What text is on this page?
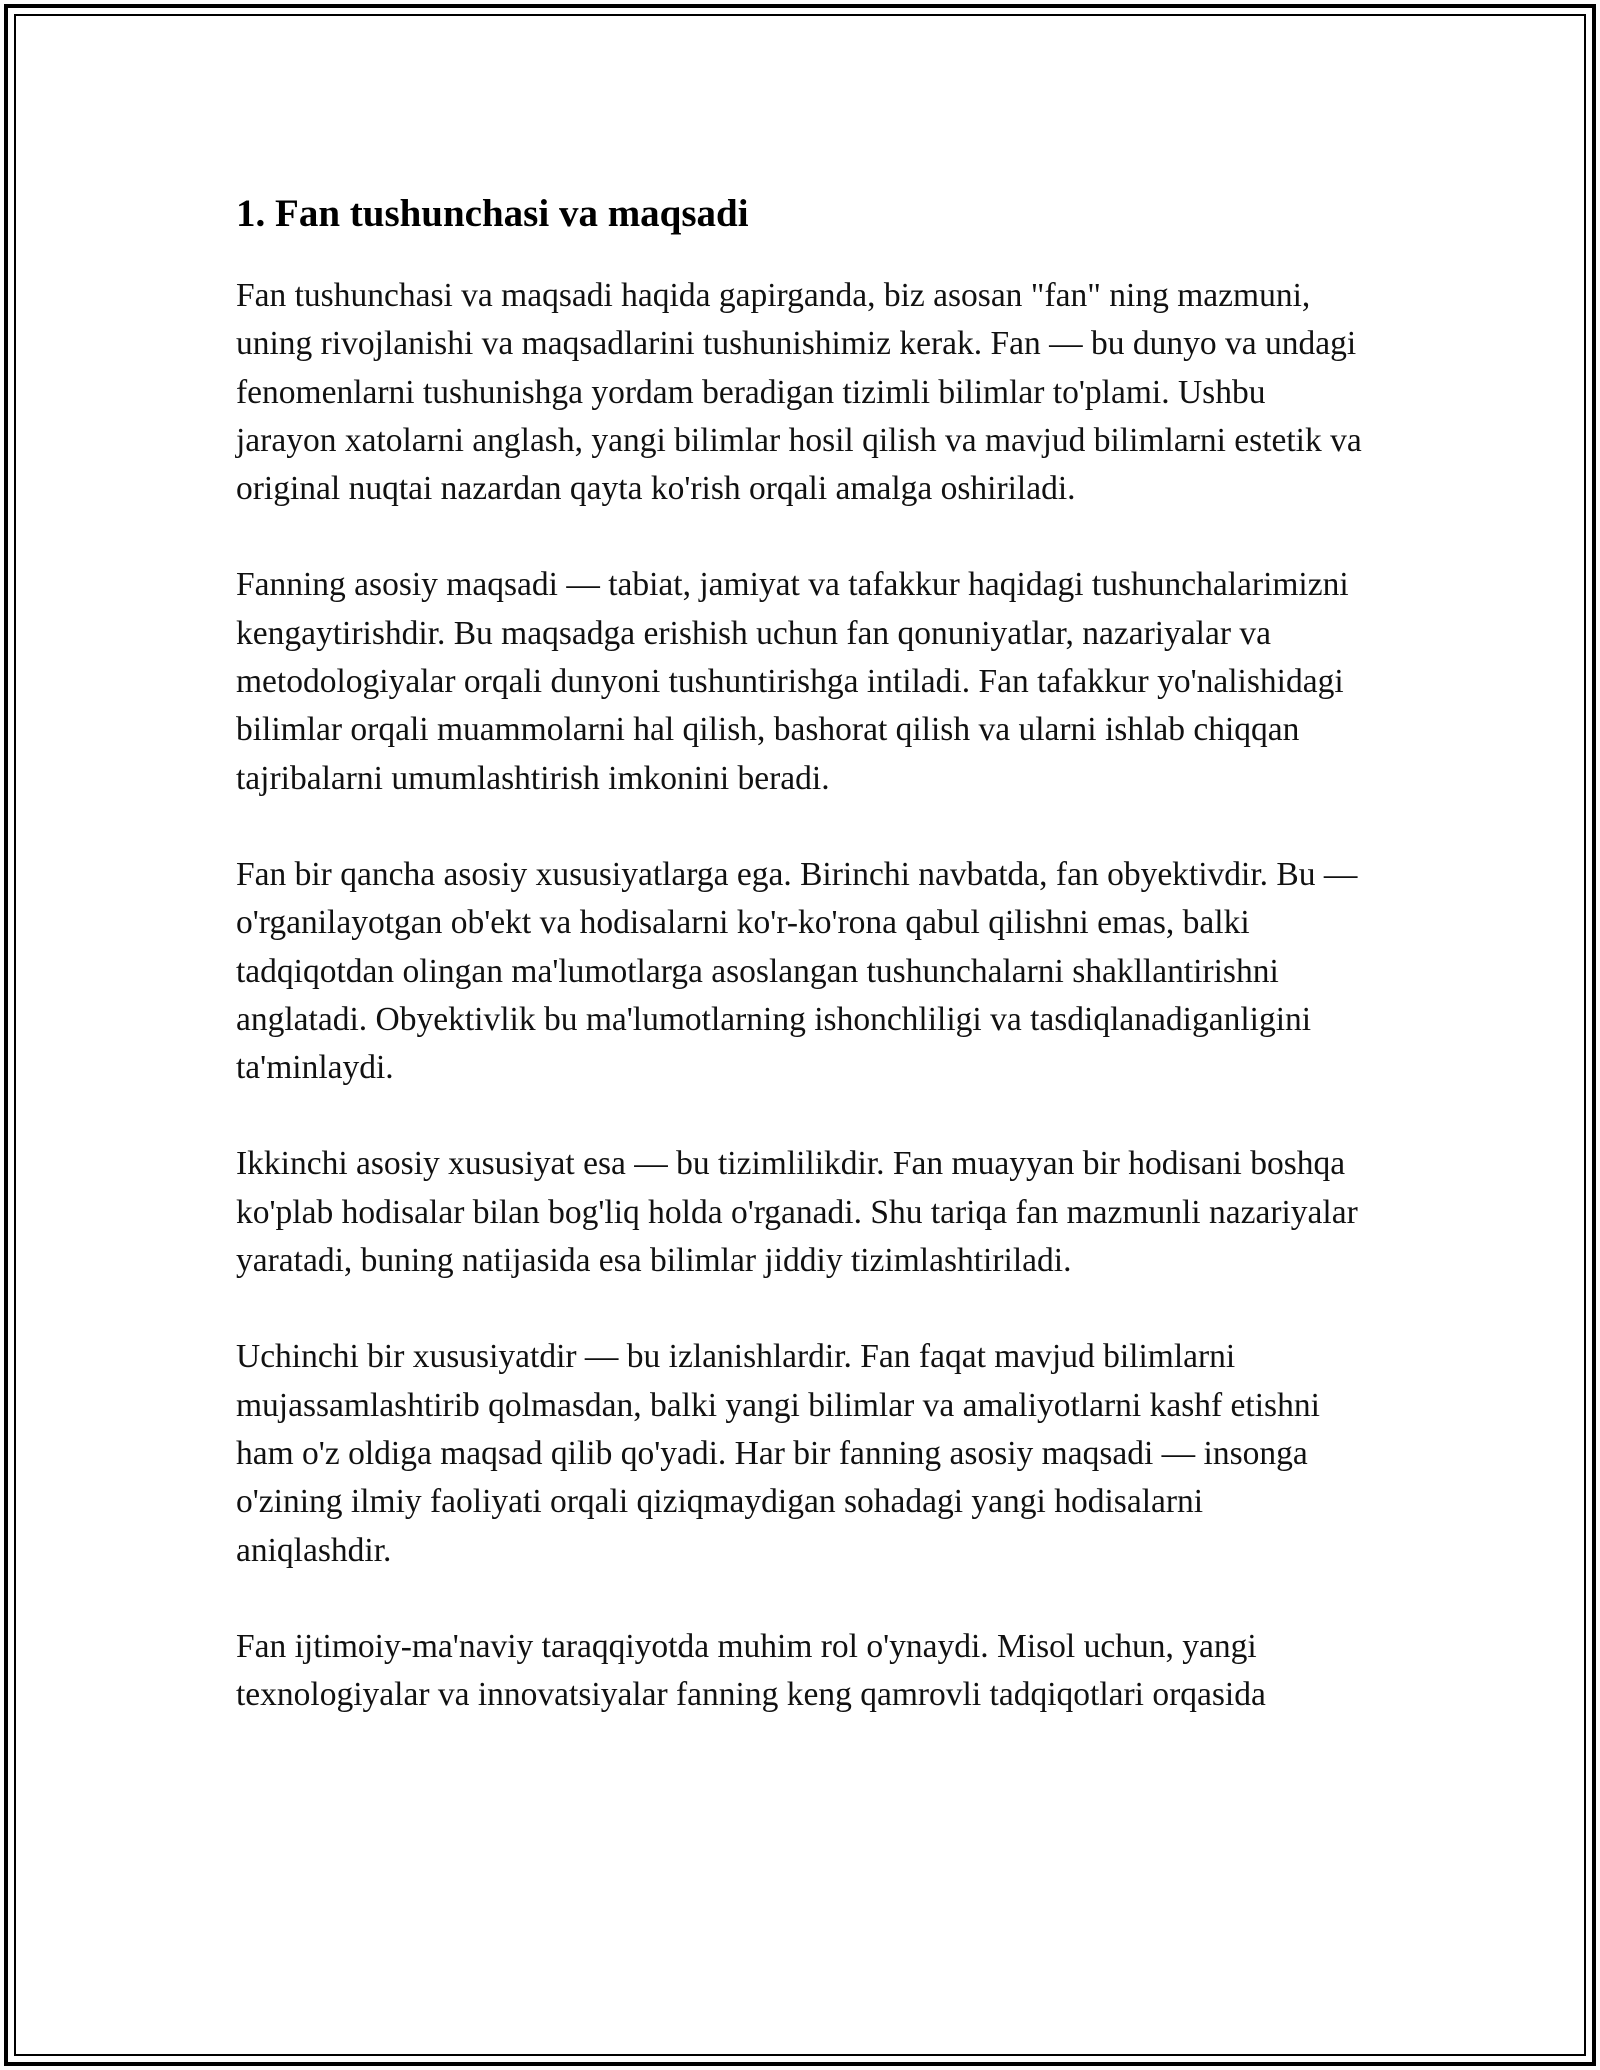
1. Fan tushunchasi va maqsadi

Fan tushunchasi va maqsadi haqida gapirganda, biz asosan "fan" ning mazmuni, uning rivojlanishi va maqsadlarini tushunishimiz kerak. Fan — bu dunyo va undagi fenomenlarni tushunishga yordam beradigan tizimli bilimlar to'plami. Ushbu jarayon xatolarni anglash, yangi bilimlar hosil qilish va mavjud bilimlarni estetik va original nuqtai nazardan qayta ko'rish orqali amalga oshiriladi.

Fanning asosiy maqsadi — tabiat, jamiyat va tafakkur haqidagi tushunchalarimizni kengaytirishdir. Bu maqsadga erishish uchun fan qonuniyatlar, nazariyalar va metodologiyalar orqali dunyoni tushuntirishga intiladi. Fan tafakkur yo'nalishidagi bilimlar orqali muammolarni hal qilish, bashorat qilish va ularni ishlab chiqqan tajribalarni umumlashtirish imkonini beradi.

Fan bir qancha asosiy xususiyatlarga ega. Birinchi navbatda, fan obyektivdir. Bu — o'rganilayotgan ob'ekt va hodisalarni ko'r-ko'rona qabul qilishni emas, balki tadqiqotdan olingan ma'lumotlarga asoslangan tushunchalarni shakllantirishni anglatadi. Obyektivlik bu ma'lumotlarning ishonchliligi va tasdiqlanadiganligini ta'minlaydi.

Ikkinchi asosiy xususiyat esa — bu tizimlilikdir. Fan muayyan bir hodisani boshqa ko'plab hodisalar bilan bog'liq holda o'rganadi. Shu tariqa fan mazmunli nazariyalar yaratadi, buning natijasida esa bilimlar jiddiy tizimlashtiriladi.

Uchinchi bir xususiyatdir — bu izlanishlardir. Fan faqat mavjud bilimlarni mujassamlashtirib qolmasdan, balki yangi bilimlar va amaliyotlarni kashf etishni ham o'z oldiga maqsad qilib qo'yadi. Har bir fanning asosiy maqsadi — insonga o'zining ilmiy faoliyati orqali qiziqmaydigan sohadagi yangi hodisalarni aniqlashdir.

Fan ijtimoiy-ma'naviy taraqqiyotda muhim rol o'ynaydi. Misol uchun, yangi texnologiyalar va innovatsiyalar fanning keng qamrovli tadqiqotlari orqasida
